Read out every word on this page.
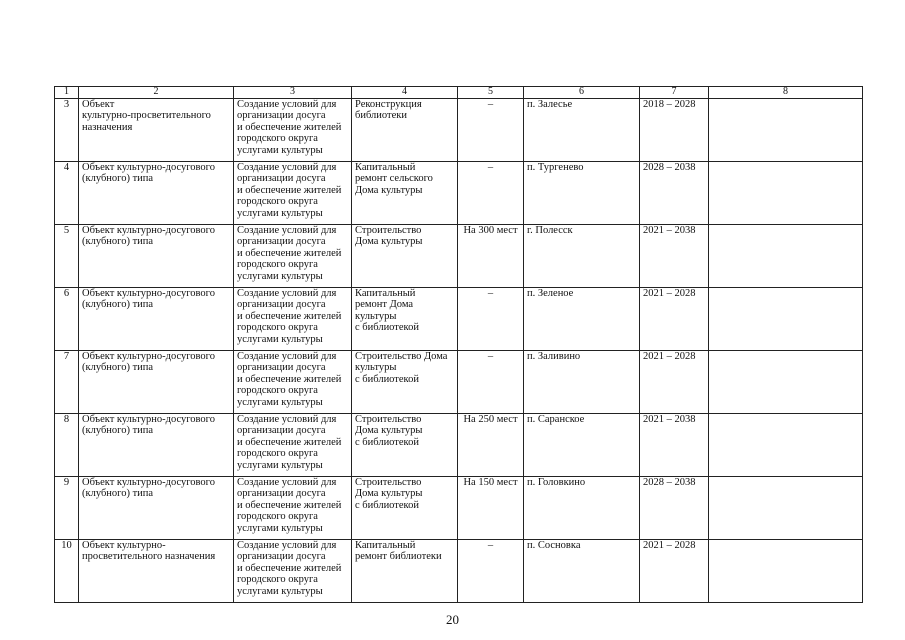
1	2	3	4	5	6	7	8
3	Объект
культурно-просветительного
назначения	Создание условий для
организации досуга
и обеспечение жителей
городского округа
услугами культуры	Реконструкция
библиотеки	–	п. Залесье	2018 – 2028	
4	Объект культурно-досугового
(клубного) типа	Создание условий для
организации досуга
и обеспечение жителей
городского округа
услугами культуры	Капитальный
ремонт сельского
Дома культуры	–	п. Тургенево	2028 – 2038	
5	Объект культурно-досугового
(клубного) типа	Создание условий для
организации досуга
и обеспечение жителей
городского округа
услугами культуры	Строительство
Дома культуры	На 300 мест	г. Полесск	2021 – 2038	
6	Объект культурно-досугового
(клубного) типа	Создание условий для
организации досуга
и обеспечение жителей
городского округа
услугами культуры	Капитальный
ремонт Дома
культуры
с библиотекой	–	п. Зеленое	2021 – 2028	
7	Объект культурно-досугового
(клубного) типа	Создание условий для
организации досуга
и обеспечение жителей
городского округа
услугами культуры	Строительство Дома
культуры
с библиотекой	–	п. Заливино	2021 – 2028	
8	Объект культурно-досугового
(клубного) типа	Создание условий для
организации досуга
и обеспечение жителей
городского округа
услугами культуры	Строительство
Дома культуры
с библиотекой	На 250 мест	п. Саранское	2021 – 2038	
9	Объект культурно-досугового
(клубного) типа	Создание условий для
организации досуга
и обеспечение жителей
городского округа
услугами культуры	Строительство
Дома культуры
с библиотекой	На 150 мест	п. Головкино	2028 – 2038	
10	Объект культурно-
просветительного назначения	Создание условий для
организации досуга
и обеспечение жителей
городского округа
услугами культуры	Капитальный
ремонт библиотеки	–	п. Сосновка	2021 – 2028	
20
